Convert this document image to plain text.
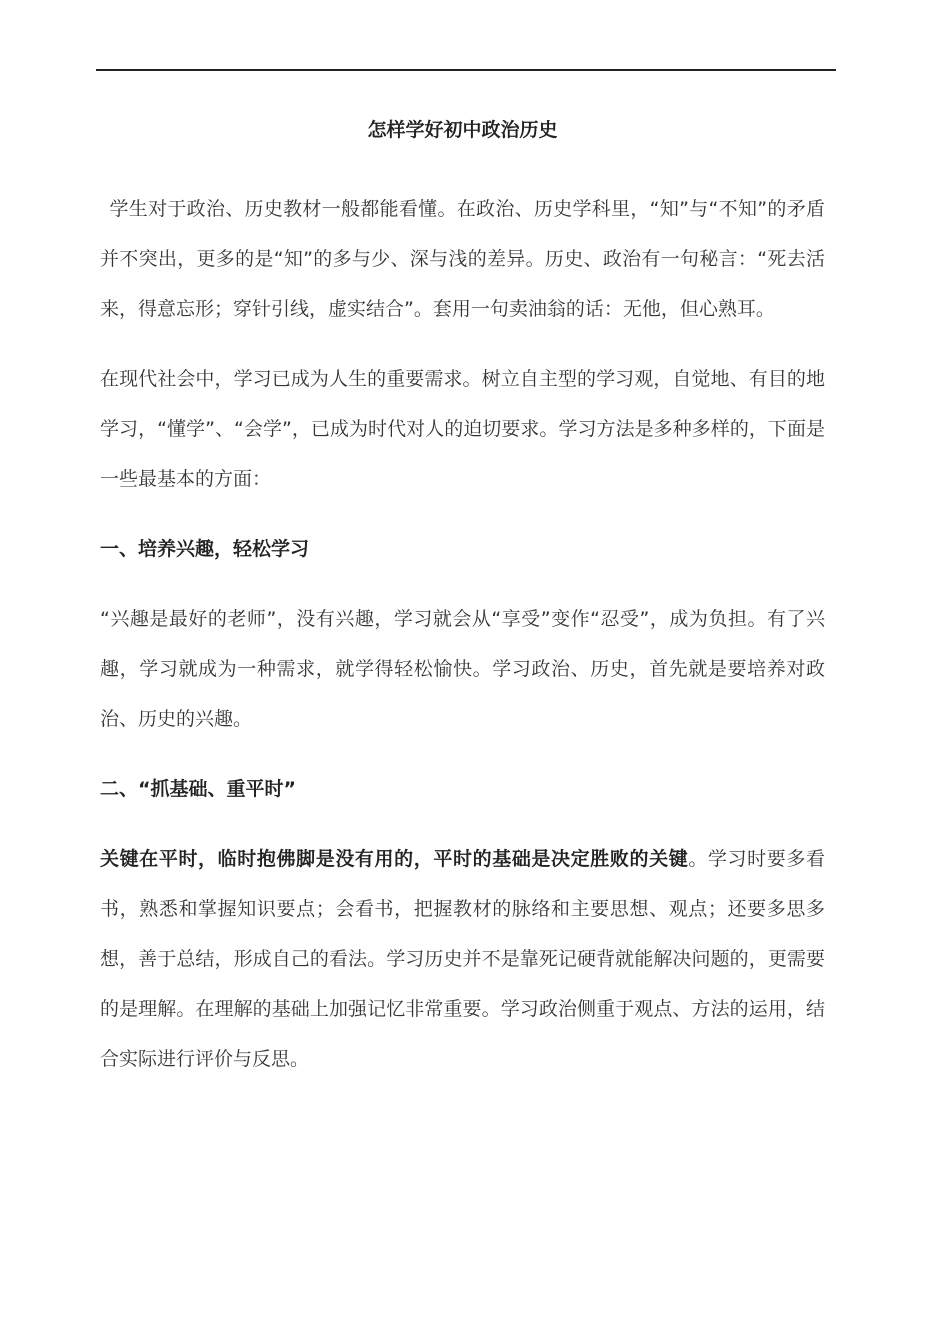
怎样学好初中政治历史

学生对于政治、历史教材一般都能看懂。在政治、历史学科里，“知”与“不知”的矛盾并不突出，更多的是“知”的多与少、深与浅的差异。历史、政治有一句秘言：“死去活来，得意忘形；穿针引线，虚实结合”。套用一句卖油翁的话：无他，但心熟耳。

在现代社会中，学习已成为人生的重要需求。树立自主型的学习观，自觉地、有目的地学习，“懂学”、“会学”，已成为时代对人的迫切要求。学习方法是多种多样的，下面是一些最基本的方面：

一、培养兴趣，轻松学习

“兴趣是最好的老师”，没有兴趣，学习就会从“享受”变作“忍受”，成为负担。有了兴趣，学习就成为一种需求，就学得轻松愉快。学习政治、历史，首先就是要培养对政治、历史的兴趣。

二、“抓基础、重平时”

关键在平时，临时抱佛脚是没有用的，平时的基础是决定胜败的关键。学习时要多看书，熟悉和掌握知识要点；会看书，把握教材的脉络和主要思想、观点；还要多思多想，善于总结，形成自己的看法。学习历史并不是靠死记硬背就能解决问题的，更需要的是理解。在理解的基础上加强记忆非常重要。学习政治侧重于观点、方法的运用，结合实际进行评价与反思。
